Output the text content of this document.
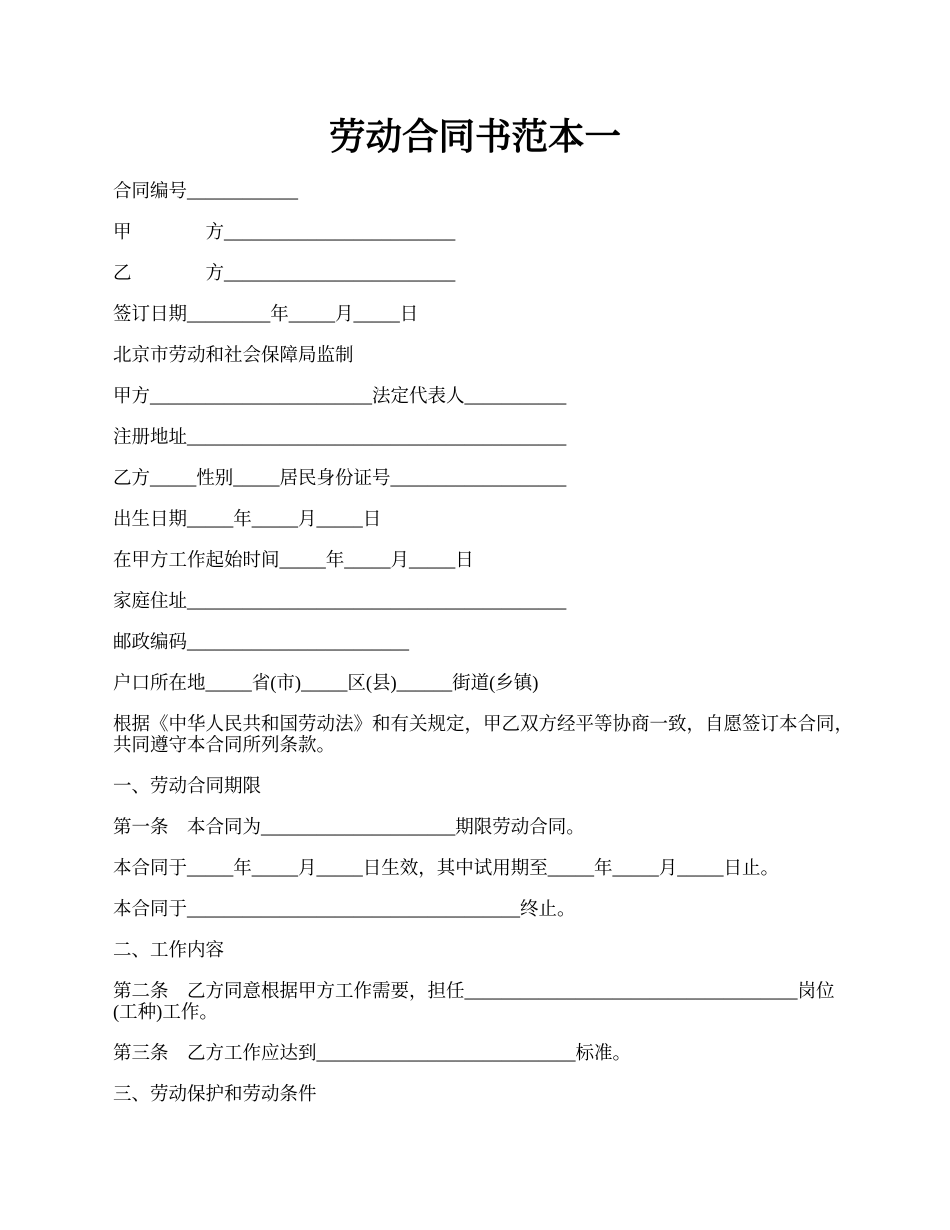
劳动合同书范本一

合同编号____________

甲　　　　方_________________________

乙　　　　方_________________________

签订日期_________年_____月_____日

北京市劳动和社会保障局监制

甲方________________________法定代表人___________

注册地址_________________________________________

乙方_____性别_____居民身份证号___________________

出生日期_____年_____月_____日

在甲方工作起始时间_____年_____月_____日

家庭住址_________________________________________

邮政编码________________________

户口所在地_____省(市)_____区(县)______街道(乡镇)

根据《中华人民共和国劳动法》和有关规定，甲乙双方经平等协商一致，自愿签订本合同，
共同遵守本合同所列条款。

一、劳动合同期限

第一条　本合同为_____________________期限劳动合同。

本合同于_____年_____月_____日生效，其中试用期至_____年_____月_____日止。

本合同于____________________________________终止。

二、工作内容

第二条　乙方同意根据甲方工作需要，担任____________________________________岗位
(工种)工作。

第三条　乙方工作应达到____________________________标准。

三、劳动保护和劳动条件
